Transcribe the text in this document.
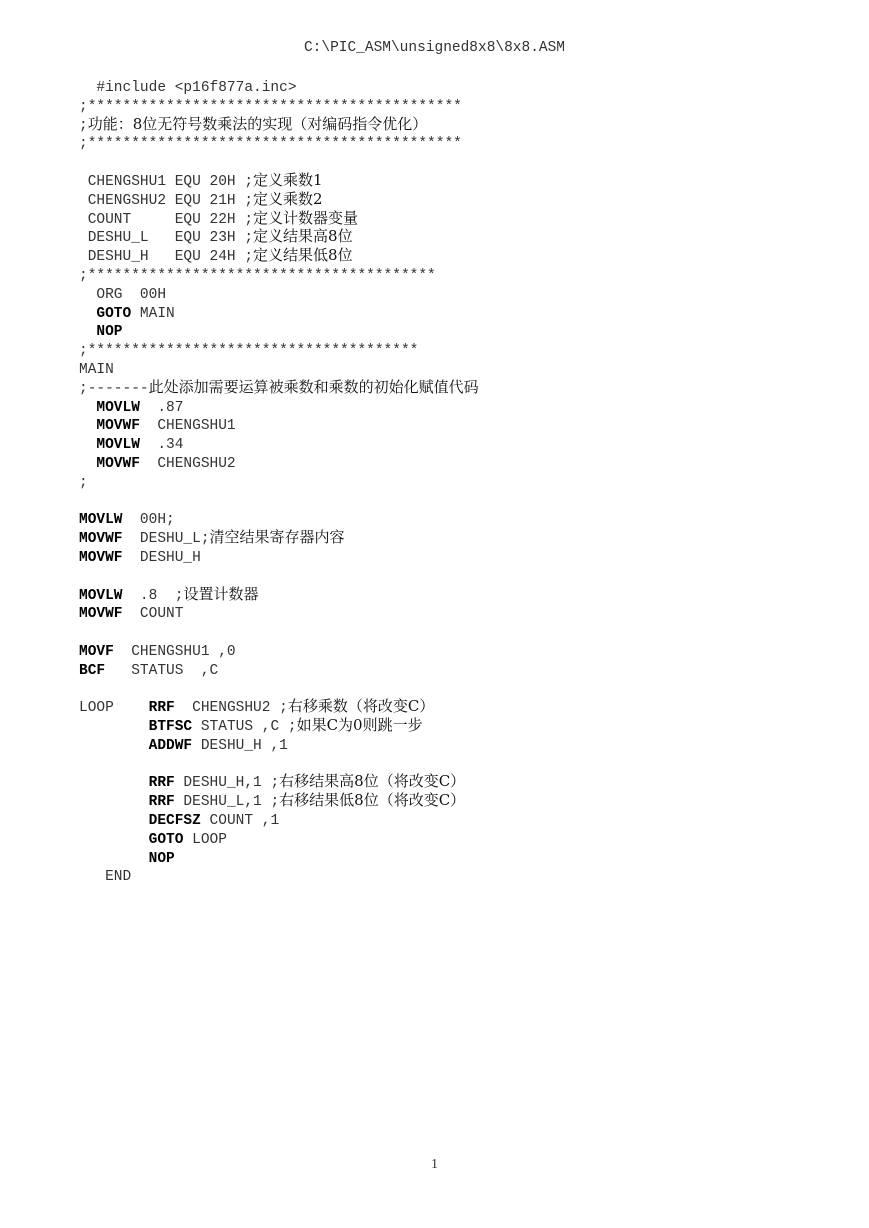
C:\PIC_ASM\unsigned8x8\8x8.ASM
#include <p16f877a.inc>
;*******************************************
;功能：8位无符号数乘法的实现（对编码指令优化）
;*******************************************
CHENGSHU1 EQU 20H ;定义乘数1
CHENGSHU2 EQU 21H ;定义乘数2
COUNT     EQU 22H ;定义计数器变量
DESHU_L   EQU 23H ;定义结果高8位
DESHU_H   EQU 24H ;定义结果低8位
;****************************************
ORG  00H
GOTO MAIN
NOP
;**************************************
MAIN
;-------此处添加需要运算被乘数和乘数的初始化赋值代码
MOVLW  .87
MOVWF  CHENGSHU1
MOVLW  .34
MOVWF  CHENGSHU2
;
MOVLW  00H;
MOVWF  DESHU_L;清空结果寄存器内容
MOVWF  DESHU_H
MOVLW  .8  ;设置计数器
MOVWF  COUNT
MOVF  CHENGSHU1 ,0
BCF   STATUS  ,C
LOOP    RRF  CHENGSHU2 ;右移乘数（将改变C）
BTFSC STATUS ,C ;如果C为0则跳一步
ADDWF DESHU_H ,1
RRF DESHU_H,1 ;右移结果高8位（将改变C）
RRF DESHU_L,1 ;右移结果低8位（将改变C）
DECFSZ COUNT ,1
GOTO LOOP
NOP
END
1
